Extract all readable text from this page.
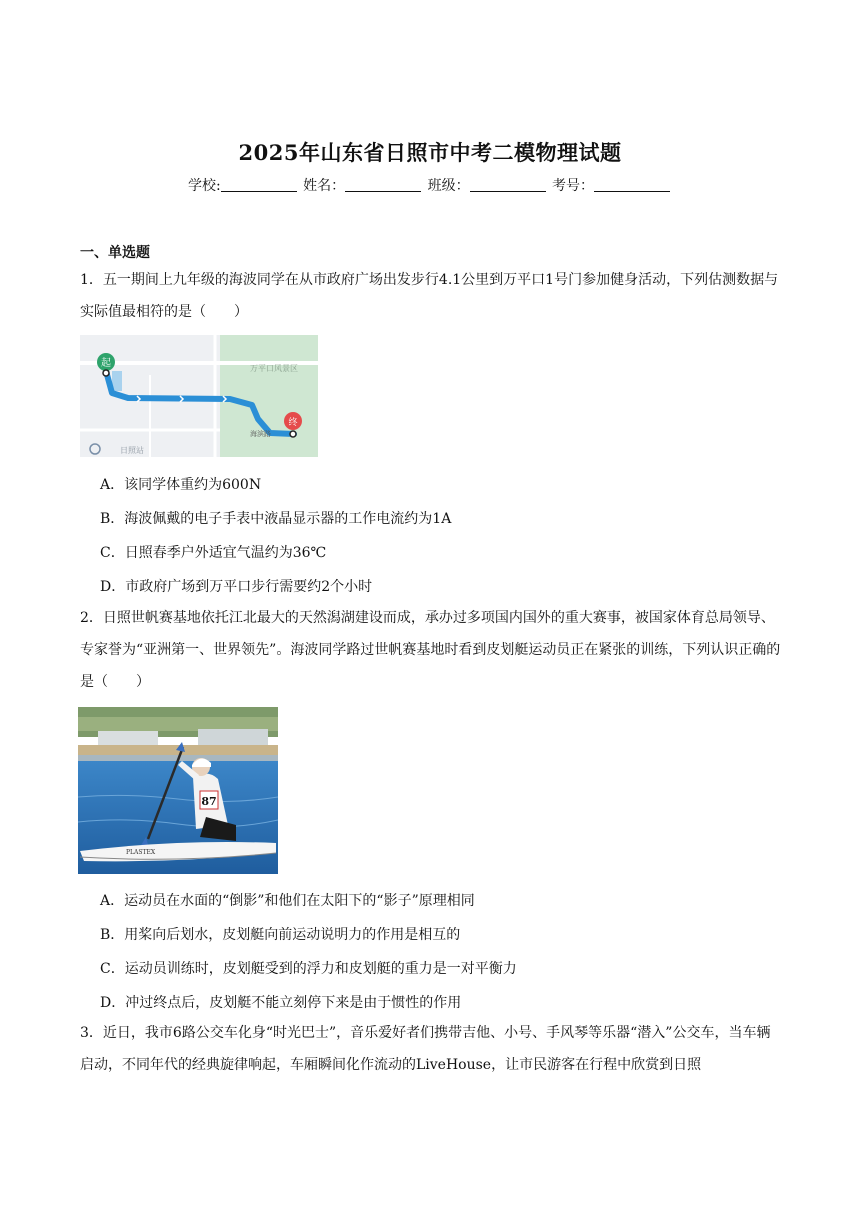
2025年山东省日照市中考二模物理试题
学校:	姓名：	班级：	考号：
一、单选题
1．五一期间上九年级的海波同学在从市政府广场出发步行4.1公里到万平口1号门参加健身活动，下列估测数据与实际值最相符的是（　　）
起
终
万平口风景区
海滨路
日照站
A．该同学体重约为600N
B．海波佩戴的电子手表中液晶显示器的工作电流约为1A
C．日照春季户外适宜气温约为36℃
D．市政府广场到万平口步行需要约2个小时
2．日照世帆赛基地依托江北最大的天然潟湖建设而成，承办过多项国内国外的重大赛事，被国家体育总局领导、专家誉为“亚洲第一、世界领先”。海波同学路过世帆赛基地时看到皮划艇运动员正在紧张的训练，下列认识正确的是（　　）
87
PLASTEX
A．运动员在水面的“倒影”和他们在太阳下的“影子”原理相同
B．用桨向后划水，皮划艇向前运动说明力的作用是相互的
C．运动员训练时，皮划艇受到的浮力和皮划艇的重力是一对平衡力
D．冲过终点后，皮划艇不能立刻停下来是由于惯性的作用
3．近日，我市6路公交车化身“时光巴士”，音乐爱好者们携带吉他、小号、手风琴等乐器“潜入”公交车，当车辆启动，不同年代的经典旋律响起，车厢瞬间化作流动的LiveHouse，让市民游客在行程中欣赏到日照
